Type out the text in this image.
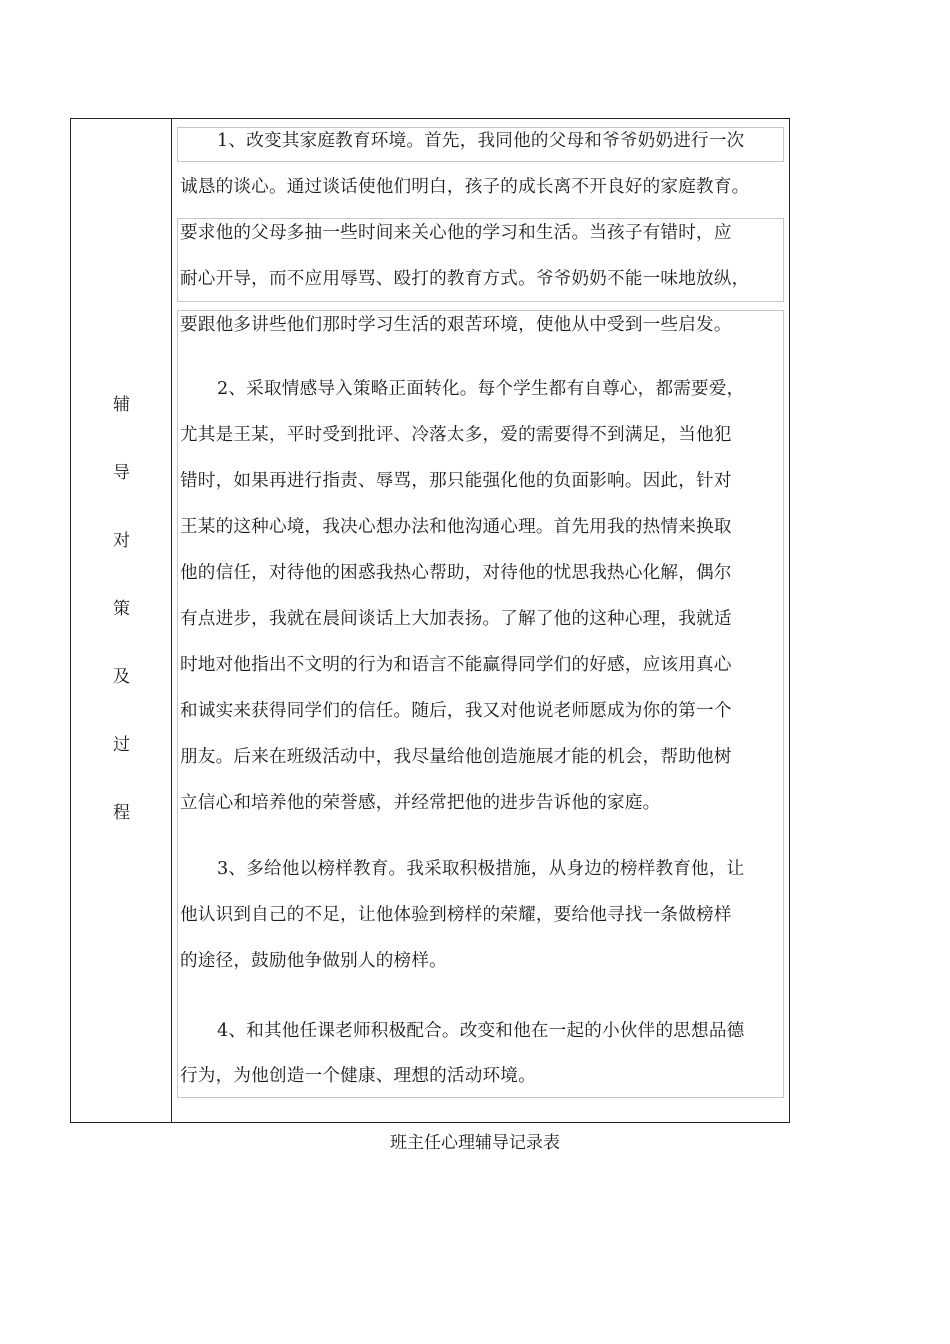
辅
导
对
策
及
过
程
1、改变其家庭教育环境。首先，我同他的父母和爷爷奶奶进行一次
诚恳的谈心。通过谈话使他们明白，孩子的成长离不开良好的家庭教育。
要求他的父母多抽一些时间来关心他的学习和生活。当孩子有错时，应
耐心开导，而不应用辱骂、殴打的教育方式。爷爷奶奶不能一味地放纵，
要跟他多讲些他们那时学习生活的艰苦环境，使他从中受到一些启发。
2、采取情感导入策略正面转化。每个学生都有自尊心，都需要爱，
尤其是王某，平时受到批评、冷落太多，爱的需要得不到满足，当他犯
错时，如果再进行指责、辱骂，那只能强化他的负面影响。因此，针对
王某的这种心境，我决心想办法和他沟通心理。首先用我的热情来换取
他的信任，对待他的困惑我热心帮助，对待他的忧思我热心化解，偶尔
有点进步，我就在晨间谈话上大加表扬。了解了他的这种心理，我就适
时地对他指出不文明的行为和语言不能赢得同学们的好感，应该用真心
和诚实来获得同学们的信任。随后，我又对他说老师愿成为你的第一个
朋友。后来在班级活动中，我尽量给他创造施展才能的机会，帮助他树
立信心和培养他的荣誉感，并经常把他的进步告诉他的家庭。
3、多给他以榜样教育。我采取积极措施，从身边的榜样教育他，让
他认识到自己的不足，让他体验到榜样的荣耀，要给他寻找一条做榜样
的途径，鼓励他争做别人的榜样。
4、和其他任课老师积极配合。改变和他在一起的小伙伴的思想品德
行为，为他创造一个健康、理想的活动环境。
班主任心理辅导记录表
